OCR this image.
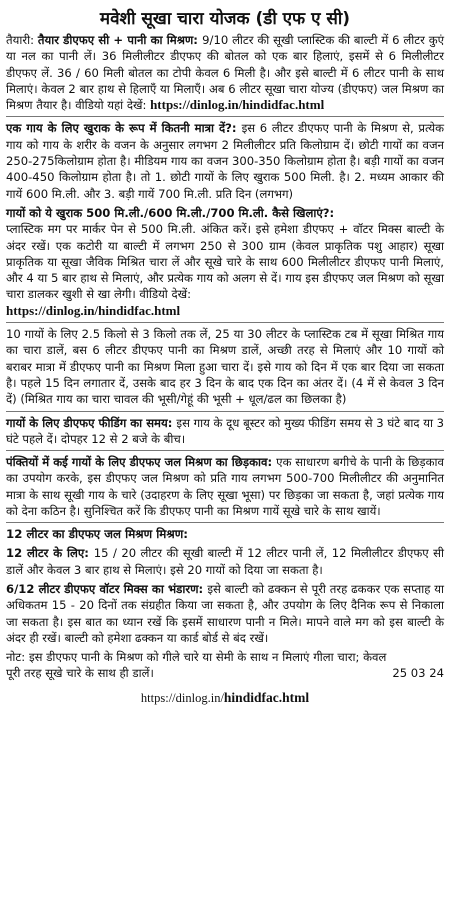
मवेशी सूखा चारा योजक (डी एफ ए सी)

तैयारी: तैयार डीएफए सी + पानी का मिश्रण: 9/10 लीटर की सूखी प्लास्टिक की बाल्टी में 6 लीटर कुएं या नल का पानी लें। 36 मिलीलीटर डीएफए की बोतल को एक बार हिलाएं, इसमें से 6 मिलीलीटर डीएफए लें. 36 / 60 मिली बोतल का टोपी केवल 6 मिली है। और इसे बाल्टी में 6 लीटर पानी के साथ मिलाएं। केवल 2 बार हाथ से हिलाएँ या मिलाएँ। अब 6 लीटर सूखा चारा योज्य (डीएफए) जल मिश्रण का मिश्रण तैयार है। वीडियो यहां देखें: https://dinlog.in/hindidfac.html

एक गाय के लिए खुराक के रूप में कितनी मात्रा दें?: इस 6 लीटर डीएफए पानी के मिश्रण से, प्रत्येक गाय को गाय के शरीर के वजन के अनुसार लगभग 2 मिलीलीटर प्रति किलोग्राम दें। छोटी गायों का वजन 250-275किलोग्राम होता है। मीडियम गाय का वजन 300-350 किलोग्राम होता है। बड़ी गायों का वजन 400-450 किलोग्राम होता है। तो 1. छोटी गायों के लिए खुराक 500 मिली. है। 2. मध्यम आकार की गायें 600 मि.ली. और 3. बड़ी गायें 700 मि.ली. प्रति दिन (लगभग)

गायों को ये खुराक 500 मि.ली./600 मि.ली./700 मि.ली. कैसे खिलाएं?:
प्लास्टिक मग पर मार्कर पेन से 500 मि.ली. अंकित करें। इसे हमेशा डीएफए + वॉटर मिक्स बाल्टी के अंदर रखें। एक कटोरी या बाल्टी में लगभग 250 से 300 ग्राम (केवल प्राकृतिक पशु आहार) सूखा प्राकृतिक या सूखा जैविक मिश्रित चारा लें और सूखे चारे के साथ 600 मिलीलीटर डीएफए पानी मिलाएं, और 4 या 5 बार हाथ से मिलाएं, और प्रत्येक गाय को अलग से दें। गाय इस डीएफए जल मिश्रण को सूखा चारा डालकर खुशी से खा लेगी। वीडियो देखें:
https://dinlog.in/hindidfac.html

10 गायों के लिए 2.5 किलो से 3 किलो तक लें, 25 या 30 लीटर के प्लास्टिक टब में सूखा मिश्रित गाय का चारा डालें, बस 6 लीटर डीएफए पानी का मिश्रण डालें, अच्छी तरह से मिलाएं और 10 गायों को बराबर मात्रा में डीएफए पानी का मिश्रण मिला हुआ चारा दें। इसे गाय को दिन में एक बार दिया जा सकता है। पहले 15 दिन लगातार दें, उसके बाद हर 3 दिन के बाद एक दिन का अंतर दें। (4 में से केवल 3 दिन दें) (मिश्रित गाय का चारा चावल की भूसी/गेहूं की भूसी + धूल/ढल का छिलका है)

गायों के लिए डीएफए फीडिंग का समय: इस गाय के दूध बूस्टर को मुख्य फीडिंग समय से 3 घंटे बाद या 3 घंटे पहले दें। दोपहर 12 से 2 बजे के बीच।

पंक्तियों में कई गायों के लिए डीएफए जल मिश्रण का छिड़काव: एक साधारण बगीचे के पानी के छिड़काव का उपयोग करके, इस डीएफए जल मिश्रण को प्रति गाय लगभग 500-700 मिलीलीटर की अनुमानित मात्रा के साथ सूखी गाय के चारे (उदाहरण के लिए सूखा भूसा) पर छिड़का जा सकता है, जहां प्रत्येक गाय को देना कठिन है। सुनिश्चित करें कि डीएफए पानी का मिश्रण गायें सूखे चारे के साथ खायें।

12 लीटर का डीएफए जल मिश्रण मिश्रण:

12 लीटर के लिए: 15 / 20 लीटर की सूखी बाल्टी में 12 लीटर पानी लें, 12 मिलीलीटर डीएफए सी डालें और केवल 3 बार हाथ से मिलाएं। इसे 20 गायों को दिया जा सकता है।

6/12 लीटर डीएफए वॉटर मिक्स का भंडारण: इसे बाल्टी को ढक्कन से पूरी तरह ढककर एक सप्ताह या अधिकतम 15 - 20 दिनों तक संग्रहीत किया जा सकता है, और उपयोग के लिए दैनिक रूप से निकाला जा सकता है। इस बात का ध्यान रखें कि इसमें साधारण पानी न मिले। मापने वाले मग को इस बाल्टी के अंदर ही रखें। बाल्टी को हमेशा ढक्कन या कार्ड बोर्ड से बंद रखें।

नोट: इस डीएफए पानी के मिश्रण को गीले चारे या सेमी के साथ न मिलाएं गीला चारा; केवल पूरी तरह सूखे चारे के साथ ही डालें।	25 03 24
https://dinlog.in/hindidfac.html
